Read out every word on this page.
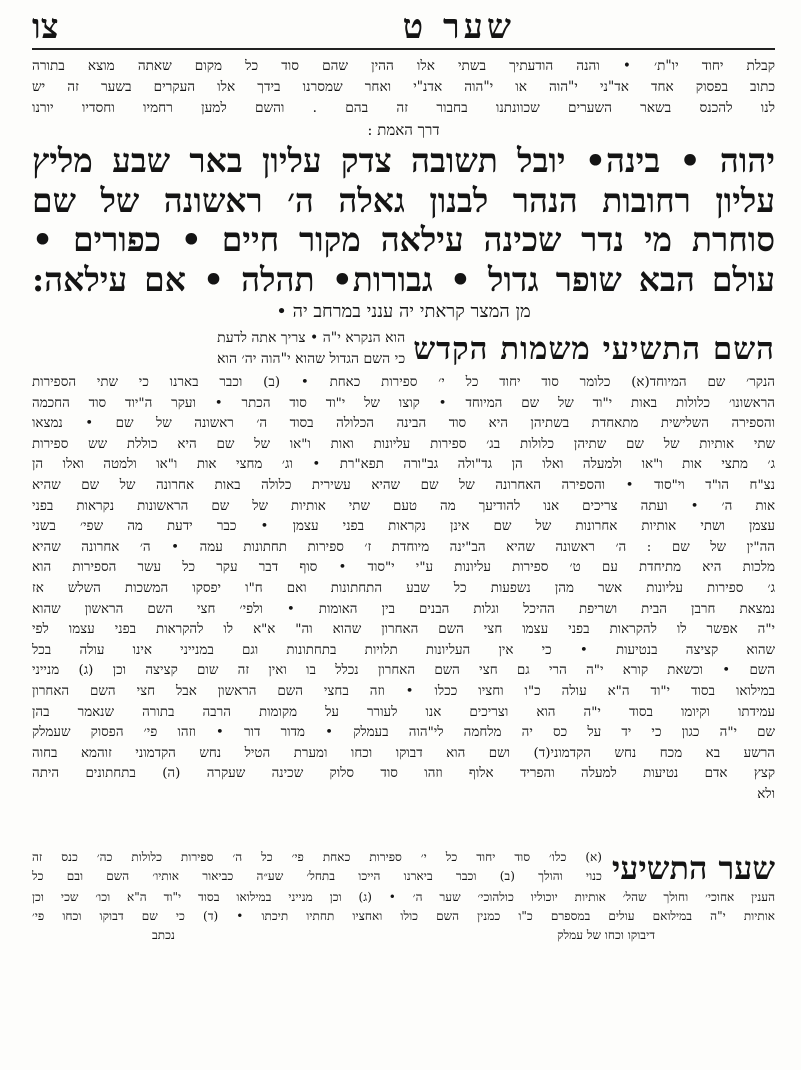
שער ט
צו

קבלת יחוד יו"ת׳ • והנה הודעתיך בשתי אלו ההין שהם סוד כל מקום שאתה מוצא בתורה

כתוב בפסוק אחד אד"ני י"הוה או י"הוה אדנ"י ואחר שמסרנו בידך אלו העקרים בשער זה יש

לנו להכנס בשאר השערים שכוונתנו בחבור זה בהם . והשם למען רחמיו וחסדיו יורנו

דרך האמת :

יהוה • בינה• יובל תשובה צדק עליון באר שבע מליץ

עליון רחובות הנהר לבנון גאלה ה׳ ראשונה של שם

סוחרת מי נדר שכינה עילאה מקור חיים • כפורים •

עולם הבא שופר גדול • גבורות• תהלה • אם עילאה:

מן המצר קראתי יה ענני במרחב יה •

השם התשיעי משמות הקדש
הוא הנקרא י"ה • צריך אתה לדעת
כי השם הגדול שהוא י"הוה יה׳ הוא

הנקר׳ שם המיוחד(א) כלומר סוד יחוד כל י׳ ספירות כאחת • (ב) וכבר בארנו כי שתי הספירות

הראשונו׳ כלולות באות י"וד של שם המיוחד • קוצו של י"וד סוד הכתר • ועקר ה"יוד סוד החכמה

והספירה השלישית מתאחדת בשתיהן היא סוד הבינה הכלולה בסוד ה׳ ראשונה של שם • נמצאו

שתי אותיות של שם שתיהן כלולות בג׳ ספירות עליונות ואות ו"או של שם היא כוללת שש ספירות

ג׳ מתצי אות ו"או ולמעלה ואלו הן גד"ולה גב"ורה תפא"רת • וג׳ מחצי אות ו"או ולמטה ואלו הן

נצ"ח הו"ד וי"סוד • והספירה האחרונה של שם שהיא עשירית כלולה באות אחרונה של שם שהיא

אות ה׳ • ועתה צריכים אנו להודיעך מה טעם שתי אותיות של שם הראשונות נקראות בפני

עצמן ושתי אותיות אחרונות של שם אינן נקראות בפני עצמן • כבר ידעת מה שפי׳ בשני

הה"ין של שם : ה׳ ראשונה שהיא הב"ינה מיוחדת ז׳ ספירות תחתונות עמה • ה׳ אחרונה שהיא

מלכות היא מתיחדת עם ט׳ ספירות עליונות ע"י י"סוד • סוף דבר עקר כל עשר הספירות הוא

ג׳ ספירות עליונות אשר מהן נשפעות כל שבע התחתונות ואם ח"ו יפסקו המשכות השלש אז

נמצאת חרבן הבית ושריפת ההיכל וגלות הבנים בין האומות • ולפי׳ חצי השם הראשון שהוא

י"ה אפשר לו להקראות בפני עצמו חצי השם האחרון שהוא וה" א"א לו להקראות בפני עצמו לפי

שהוא קציצה בנטיעות • כי אין העליונות תלויות בתחתונות וגם במנייני אינו עולה בכל

השם • וכשאת קורא י"ה הרי גם חצי השם האחרון נכלל בו ואין זה שום קציצה וכן (ג) מנייני

במילואו בסוד י"וד ה"א עולה כ"ו וחציו ככלו • וזה בחצי השם הראשון אבל חצי השם האחרון

עמידתו וקיומו בסוד י"ה הוא וצריכים אנו לעורר על מקומות הרבה בתורה שנאמר בהן

שם י"ה כגון כי יד על כס יה מלחמה לי"הוה בעמלק • מדור דור • וזהו פי׳ הפסוק שעמלק

הרשע בא מכח נחש הקדמוני(ד) ושם הוא דבוקו וכחו ומערת הטיל נחש הקדמוני זוהמא בחוה

קצץ אדם נטיעות למעלה והפריד אלוף וזהו סוד סלוק שכינה שעקרה (ה) בתחתונים היתה

ולא

שער התשיעי
(א) כלו׳ סוד יחוד כל י׳ ספירות כאחת פי׳ כל ה׳ ספירות כלולות כה׳ כנס זה
כנוי והולך (ב) וכבר ביארנו הייכו בתחל׳ שע״ה כביאור אותיו׳ השם ובם כל
הענין אחוכי׳ וחולך שהל׳ אותיות יוכוליו כולהוכי׳ שער ה׳ • (ג) וכן מנייני במילואו בסוד י"וד ה"א וכו׳ שכי וכן
אותיות י"ה במילואם עולים במספרם כ"ו כמנין השם כולו ואחציו תחתיו תיכתו • (ד) כי שם דבוקו וכחו פי׳
דיבוקו וכחו של עמלק
נכתב
